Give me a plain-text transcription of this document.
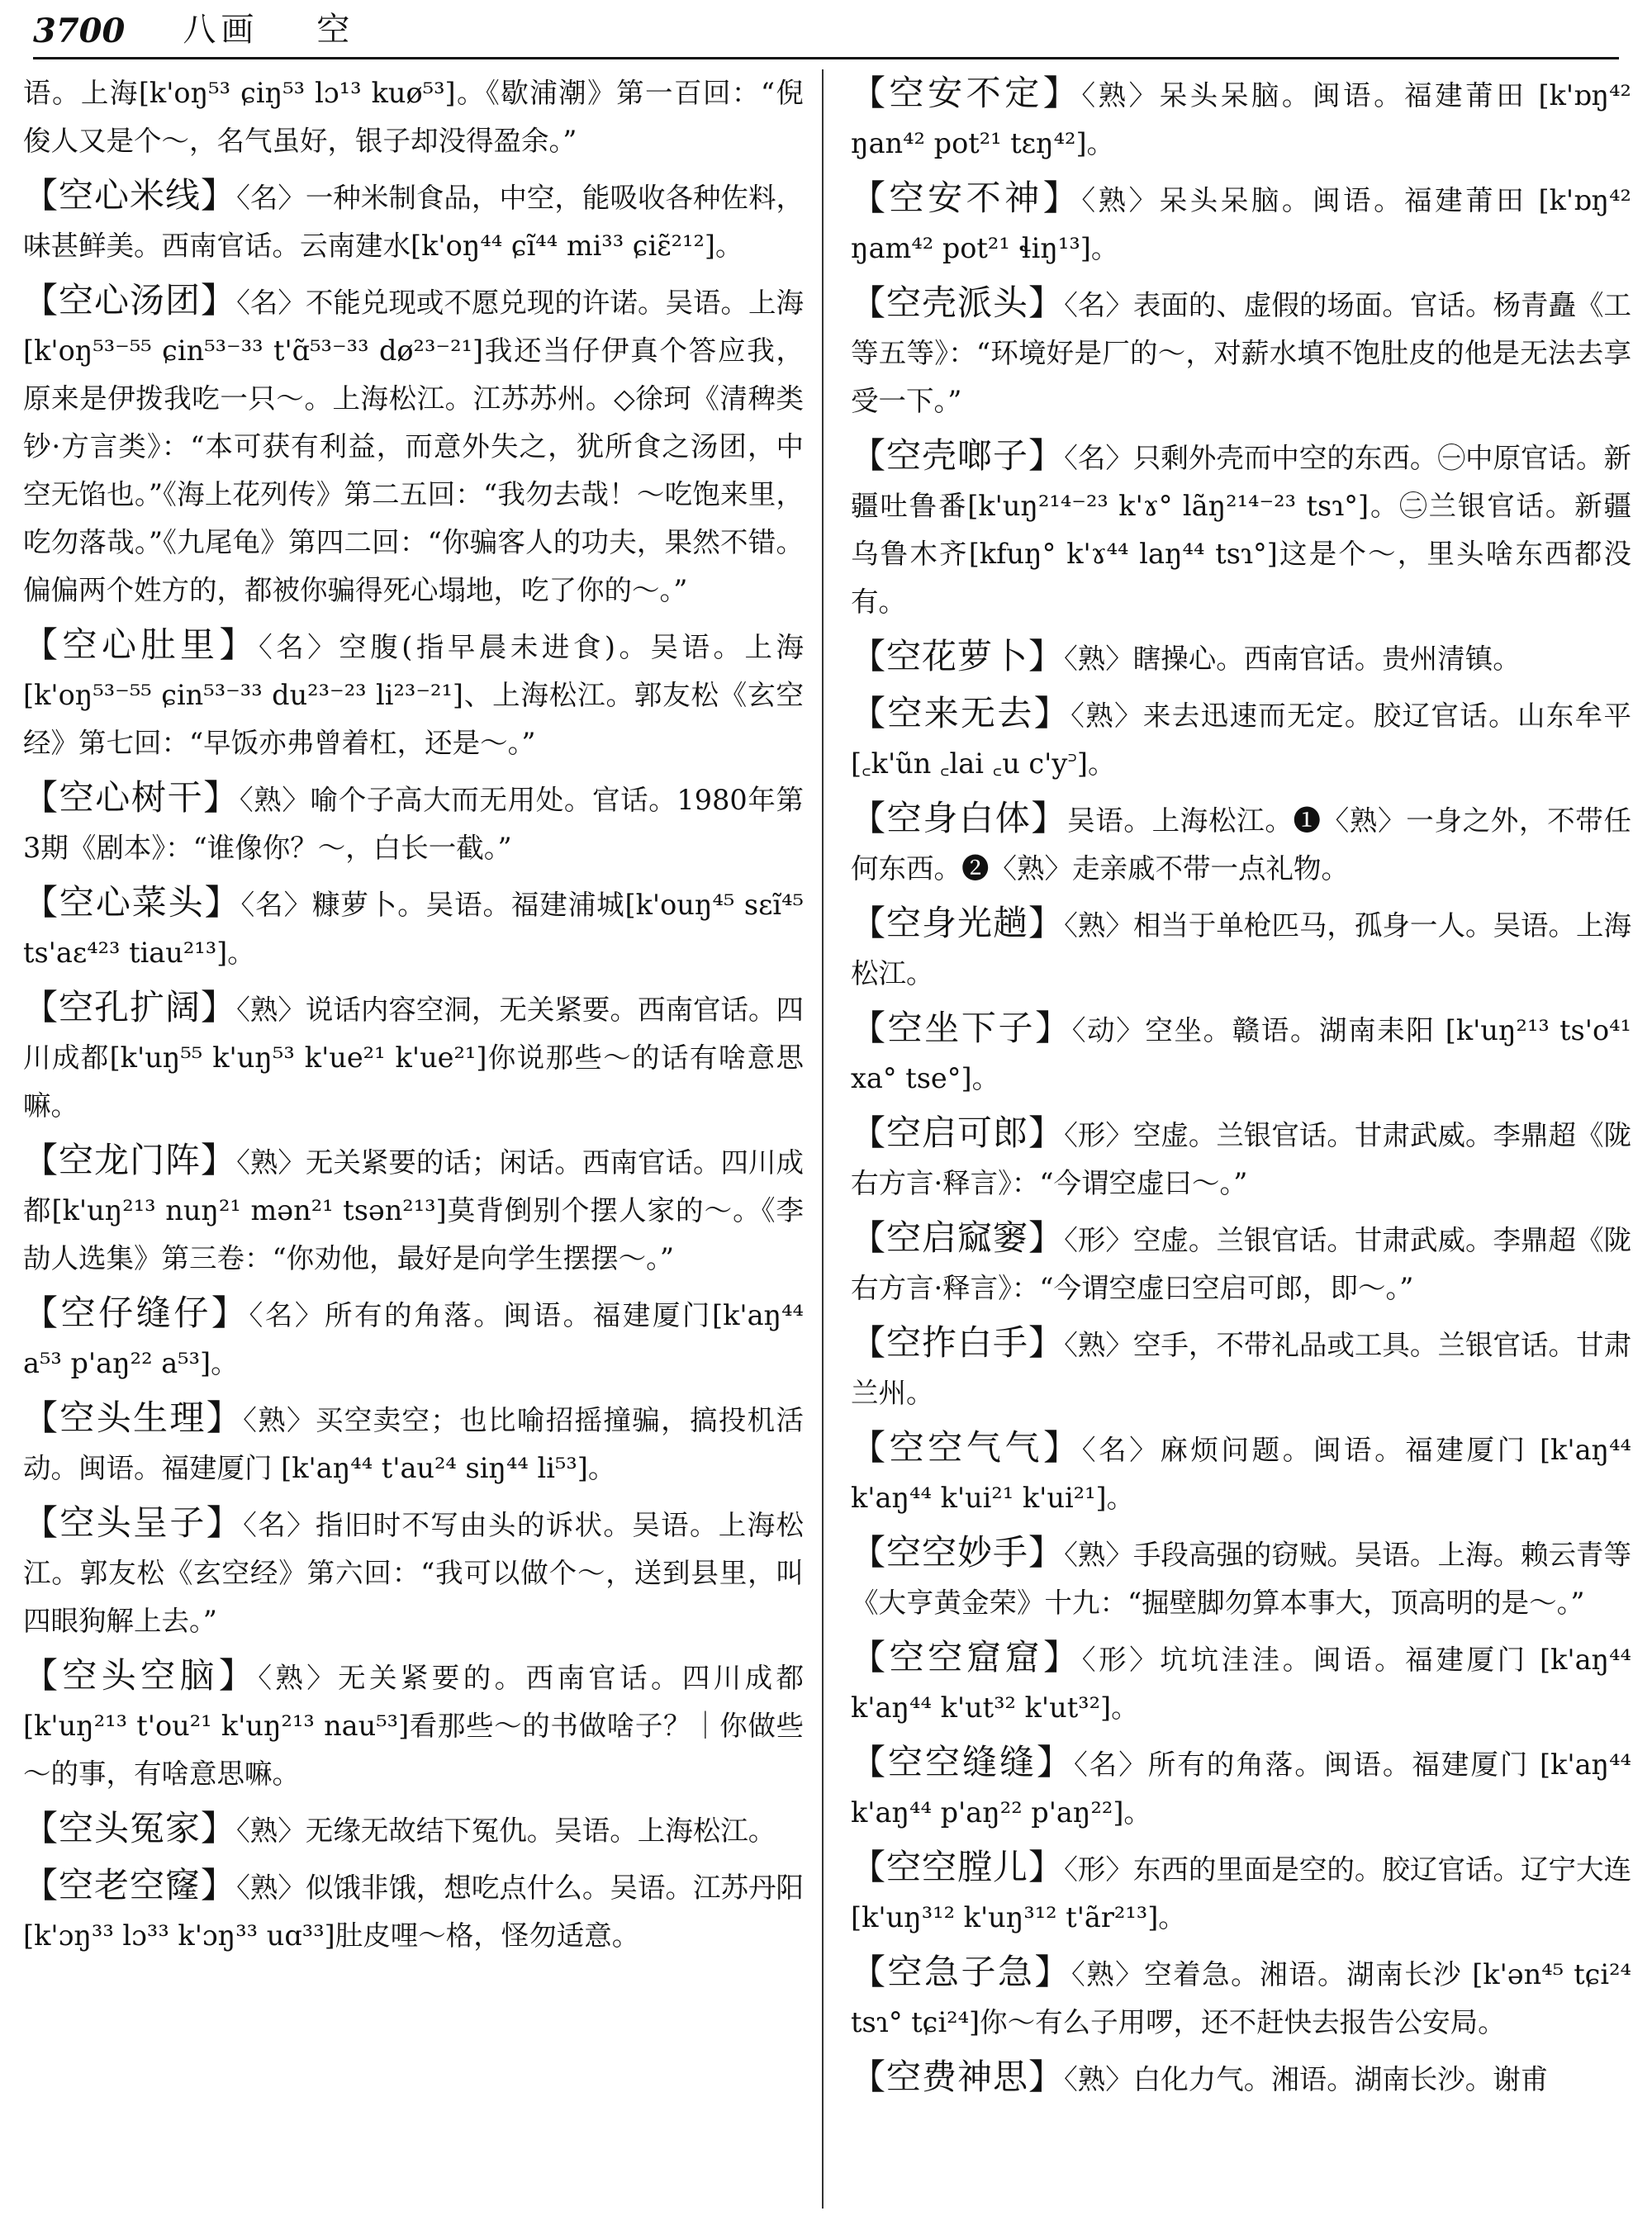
3700 八画 空
语。上海[k'oŋ⁵³ ɕiŋ⁵³ lɔ¹³ kuø⁵³]。《歇浦潮》第一百回：“倪俊人又是个～，名气虽好，银子却没得盈余。”
【空心米线】〈名〉一种米制食品，中空，能吸收各种佐料，味甚鲜美。西南官话。云南建水[k'oŋ⁴⁴ ɕĩ⁴⁴ mi³³ ɕiɛ̃²¹²]。
【空心汤团】〈名〉不能兑现或不愿兑现的许诺。吴语。上海[k'oŋ⁵³⁻⁵⁵ ɕin⁵³⁻³³ t'ɑ̃⁵³⁻³³ dø²³⁻²¹]我还当仔伊真个答应我，原来是伊拨我吃一只～。上海松江。江苏苏州。◇徐珂《清稗类钞·方言类》：“本可获有利益，而意外失之，犹所食之汤团，中空无馅也。”《海上花列传》第二五回：“我勿去哉！～吃饱来里，吃勿落哉。”《九尾龟》第四二回：“你骗客人的功夫，果然不错。偏偏两个姓方的，都被你骗得死心塌地，吃了你的～。”
【空心肚里】〈名〉空腹(指早晨未进食)。吴语。上海[k'oŋ⁵³⁻⁵⁵ ɕin⁵³⁻³³ du²³⁻²³ li²³⁻²¹]、上海松江。郭友松《玄空经》第七回：“早饭亦弗曾着杠，还是～。”
【空心树干】〈熟〉喻个子高大而无用处。官话。1980年第3期《剧本》：“谁像你？～，白长一截。”
【空心菜头】〈名〉糠萝卜。吴语。福建浦城[k'ouŋ⁴⁵ sɛĩ⁴⁵ ts'aɛ⁴²³ tiau²¹³]。
【空孔扩阔】〈熟〉说话内容空洞，无关紧要。西南官话。四川成都[k'uŋ⁵⁵ k'uŋ⁵³ k'ue²¹ k'ue²¹]你说那些～的话有啥意思嘛。
【空龙门阵】〈熟〉无关紧要的话；闲话。西南官话。四川成都[k'uŋ²¹³ nuŋ²¹ mən²¹ tsən²¹³]莫背倒别个摆人家的～。《李劼人选集》第三卷：“你劝他，最好是向学生摆摆～。”
【空仔缝仔】〈名〉所有的角落。闽语。福建厦门[k'aŋ⁴⁴ a⁵³ p'aŋ²² a⁵³]。
【空头生理】〈熟〉买空卖空；也比喻招摇撞骗，搞投机活动。闽语。福建厦门 [k'aŋ⁴⁴ t'au²⁴ siŋ⁴⁴ li⁵³]。
【空头呈子】〈名〉指旧时不写由头的诉状。吴语。上海松江。郭友松《玄空经》第六回：“我可以做个～，送到县里，叫四眼狗解上去。”
【空头空脑】〈熟〉无关紧要的。西南官话。四川成都[k'uŋ²¹³ t'ou²¹ k'uŋ²¹³ nau⁵³]看那些～的书做啥子？｜你做些～的事，有啥意思嘛。
【空头冤家】〈熟〉无缘无故结下冤仇。吴语。上海松江。
【空老空窿】〈熟〉似饿非饿，想吃点什么。吴语。江苏丹阳[k'ɔŋ³³ lɔ³³ k'ɔŋ³³ uɑ³³]肚皮哩～格，怪勿适意。
【空安不定】〈熟〉呆头呆脑。闽语。福建莆田 [k'ɒŋ⁴² ŋan⁴² pot²¹ tɛŋ⁴²]。
【空安不神】〈熟〉呆头呆脑。闽语。福建莆田 [k'ɒŋ⁴² ŋam⁴² pot²¹ ɬiŋ¹³]。
【空壳派头】〈名〉表面的、虚假的场面。官话。杨青矗《工等五等》：“环境好是厂的～，对薪水填不饱肚皮的他是无法去享受一下。”
【空壳啷子】〈名〉只剩外壳而中空的东西。㊀中原官话。新疆吐鲁番[k'uŋ²¹⁴⁻²³ k'ɤ° lãŋ²¹⁴⁻²³ tsɿ°]。㊁兰银官话。新疆乌鲁木齐[kfuŋ° k'ɤ⁴⁴ laŋ⁴⁴ tsɿ°]这是个～，里头啥东西都没有。
【空花萝卜】〈熟〉瞎操心。西南官话。贵州清镇。
【空来无去】〈熟〉来去迅速而无定。胶辽官话。山东牟平[꜀k'ũn ꜀lai ꜀u c'y꜄]。
【空身白体】吴语。上海松江。❶〈熟〉一身之外，不带任何东西。❷〈熟〉走亲戚不带一点礼物。
【空身光趟】〈熟〉相当于单枪匹马，孤身一人。吴语。上海松江。
【空坐下子】〈动〉空坐。赣语。湖南耒阳 [k'uŋ²¹³ ts'o⁴¹ xa° tse°]。
【空启可郎】〈形〉空虚。兰银官话。甘肃武威。李鼎超《陇右方言·释言》：“今谓空虚曰～。”
【空启窳窭】〈形〉空虚。兰银官话。甘肃武威。李鼎超《陇右方言·释言》：“今谓空虚曰空启可郎，即～。”
【空拃白手】〈熟〉空手，不带礼品或工具。兰银官话。甘肃兰州。
【空空气气】〈名〉麻烦问题。闽语。福建厦门 [k'aŋ⁴⁴ k'aŋ⁴⁴ k'ui²¹ k'ui²¹]。
【空空妙手】〈熟〉手段高强的窃贼。吴语。上海。赖云青等《大亨黄金荣》十九：“掘壁脚勿算本事大，顶高明的是～。”
【空空窟窟】〈形〉坑坑洼洼。闽语。福建厦门 [k'aŋ⁴⁴ k'aŋ⁴⁴ k'ut³² k'ut³²]。
【空空缝缝】〈名〉所有的角落。闽语。福建厦门 [k'aŋ⁴⁴ k'aŋ⁴⁴ p'aŋ²² p'aŋ²²]。
【空空膛儿】〈形〉东西的里面是空的。胶辽官话。辽宁大连[k'uŋ³¹² k'uŋ³¹² t'ãr²¹³]。
【空急子急】〈熟〉空着急。湘语。湖南长沙 [k'ən⁴⁵ tɕi²⁴ tsɿ° tɕi²⁴]你～有么子用啰，还不赶快去报告公安局。
【空费神思】〈熟〉白化力气。湘语。湖南长沙。谢甫
